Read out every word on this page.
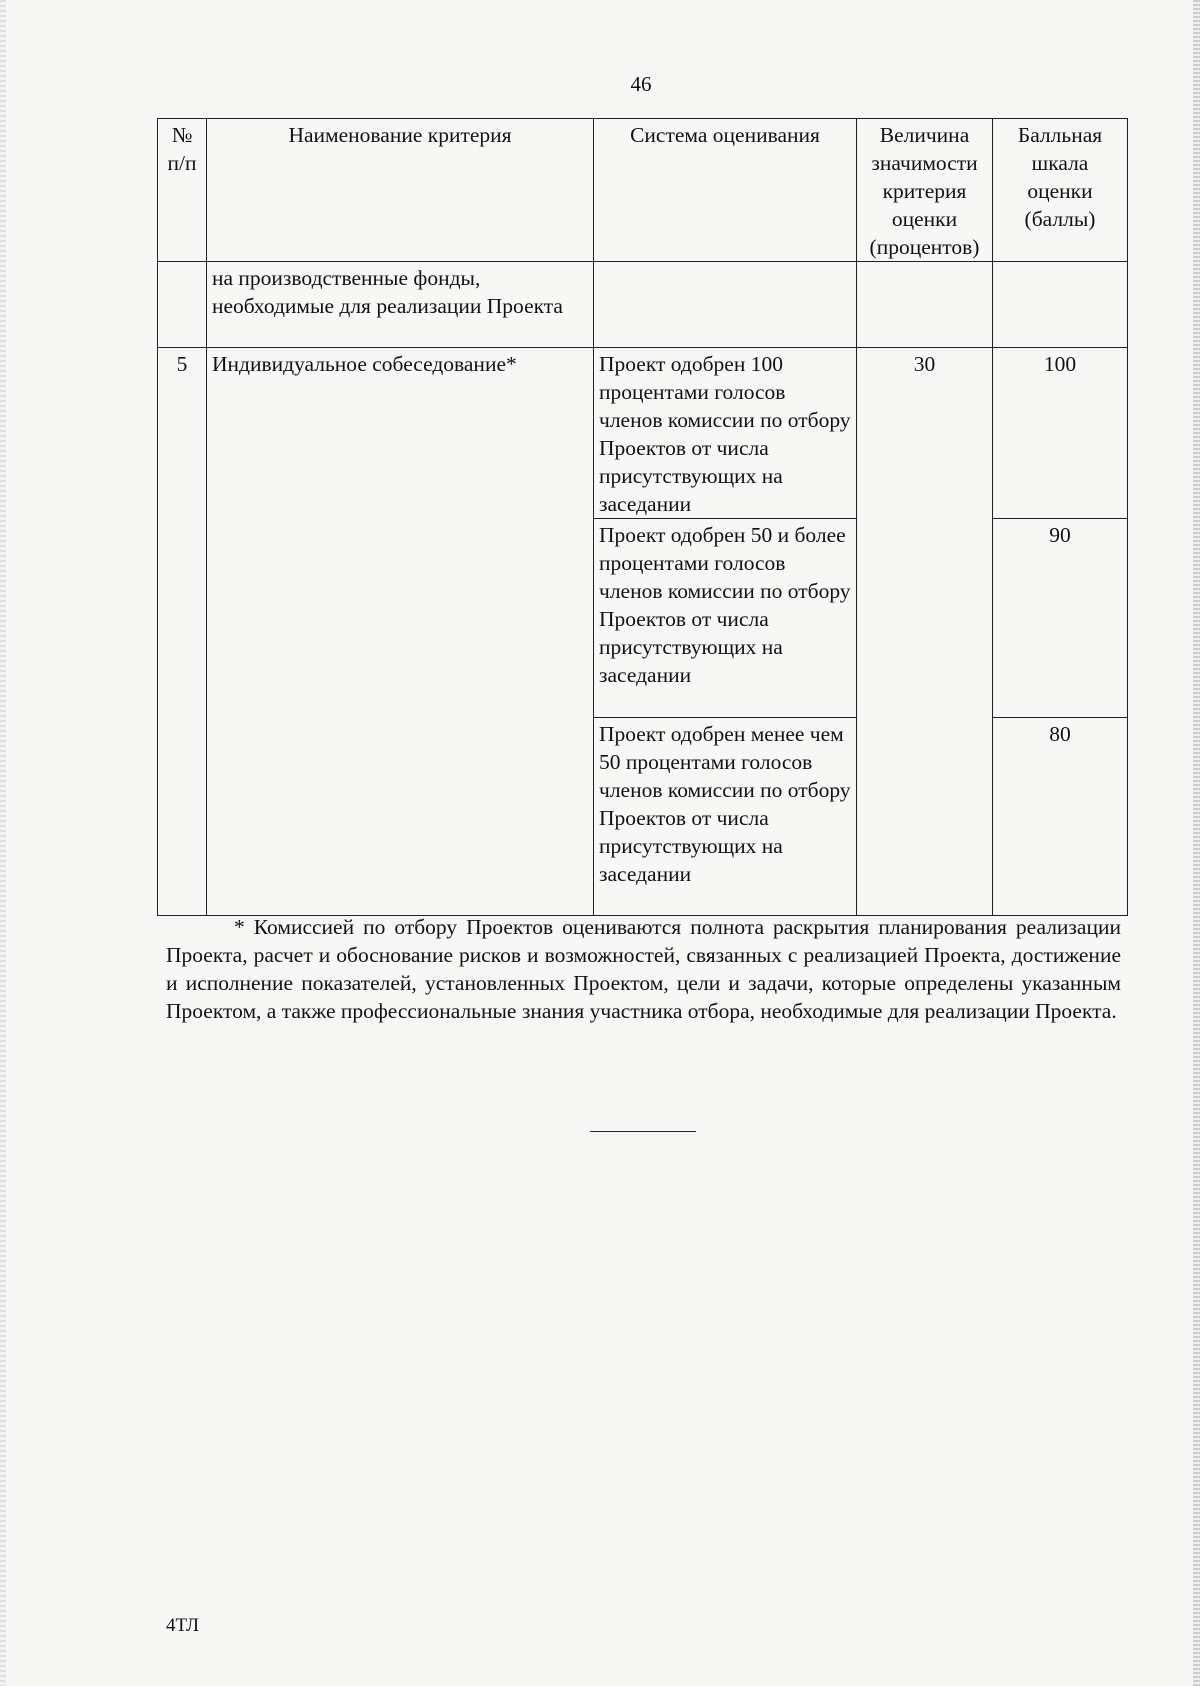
46
№ п/п	Наименование критерия	Система оценивания	Величина значимости критерия оценки (процентов)	Балльная шкала оценки (баллы)
	на производственные фонды, необходимые для реализации Проекта			
5	Индивидуальное собеседование*	Проект одобрен 100 процентами голосов членов комиссии по отбору Проектов от числа присутствующих на заседании	30	100
		Проект одобрен 50 и более процентами голосов членов комиссии по отбору Проектов от числа присутствующих на заседании		90
		Проект одобрен менее чем 50 процентами голосов членов комиссии по отбору Проектов от числа присутствующих на заседании		80
* Комиссией по отбору Проектов оцениваются полнота раскрытия планирования реализации Проекта, расчет и обоснование рисков и возможностей, связанных с реализацией Проекта, достижение и исполнение показателей, установленных Проектом, цели и задачи, которые определены указанным Проектом, а также профессиональные знания участника отбора, необходимые для реализации Проекта.
4ТЛ
